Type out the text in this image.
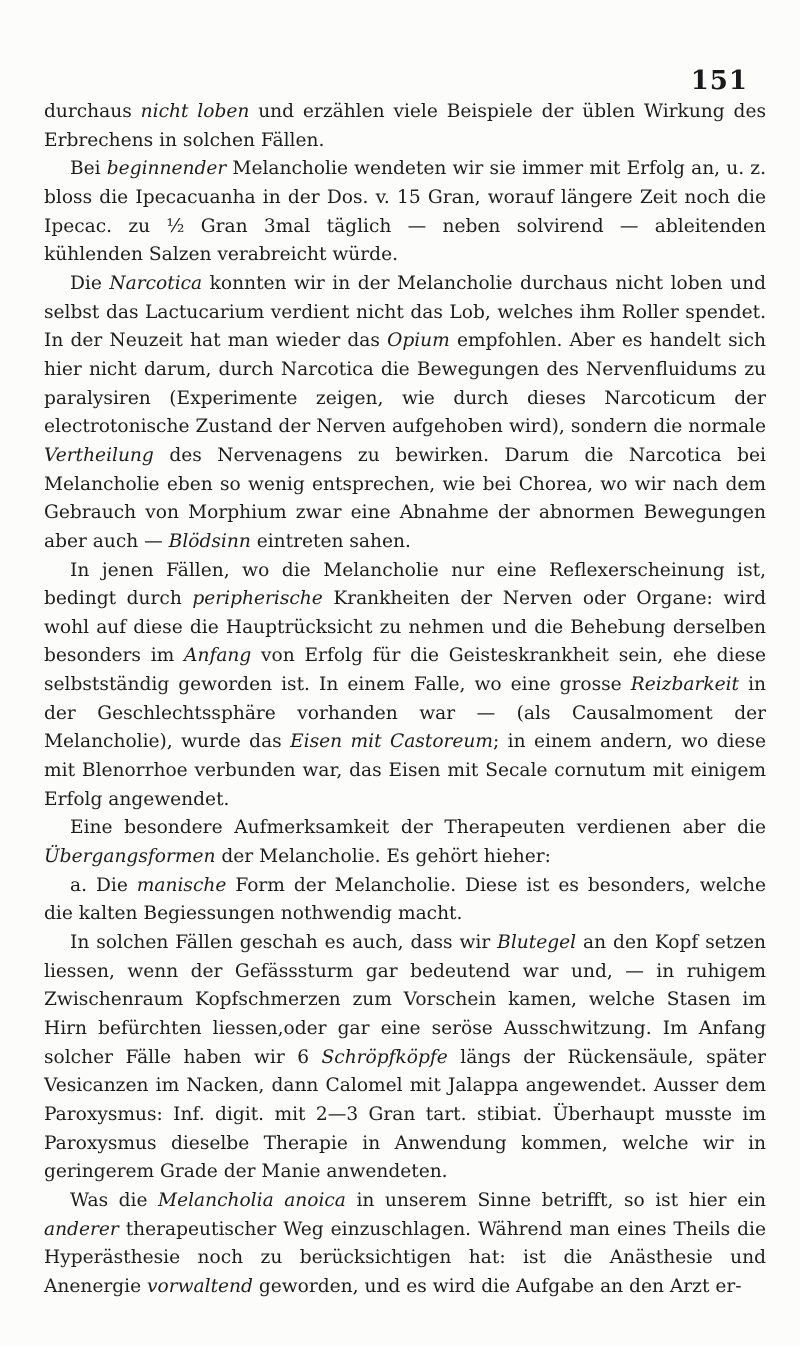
151

durchaus nicht loben und erzählen viele Beispiele der üblen Wirkung des Erbrechens in solchen Fällen.

Bei beginnender Melancholie wendeten wir sie immer mit Erfolg an, u. z. bloss die Ipecacuanha in der Dos. v. 15 Gran, worauf längere Zeit noch die Ipecac. zu ½ Gran 3mal täglich — neben solvirend — ableitenden kühlenden Salzen verabreicht würde.

Die Narcotica konnten wir in der Melancholie durchaus nicht loben und selbst das Lactucarium verdient nicht das Lob, welches ihm Roller spendet. In der Neuzeit hat man wieder das Opium empfohlen. Aber es handelt sich hier nicht darum, durch Narcotica die Bewegungen des Nervenfluidums zu paralysiren (Experimente zeigen, wie durch dieses Narcoticum der electrotonische Zustand der Nerven aufgehoben wird), sondern die normale Vertheilung des Nervenagens zu bewirken. Darum die Narcotica bei Melancholie eben so wenig entsprechen, wie bei Chorea, wo wir nach dem Gebrauch von Morphium zwar eine Abnahme der abnormen Bewegungen aber auch — Blödsinn eintreten sahen.

In jenen Fällen, wo die Melancholie nur eine Reflexerscheinung ist, bedingt durch peripherische Krankheiten der Nerven oder Organe: wird wohl auf diese die Hauptrücksicht zu nehmen und die Behebung derselben besonders im Anfang von Erfolg für die Geisteskrankheit sein, ehe diese selbstständig geworden ist. In einem Falle, wo eine grosse Reizbarkeit in der Geschlechtssphäre vorhanden war — (als Causalmoment der Melancholie), wurde das Eisen mit Castoreum; in einem andern, wo diese mit Blenorrhoe verbunden war, das Eisen mit Secale cornutum mit einigem Erfolg angewendet.

Eine besondere Aufmerksamkeit der Therapeuten verdienen aber die Übergangsformen der Melancholie. Es gehört hieher:

a. Die manische Form der Melancholie. Diese ist es besonders, welche die kalten Begiessungen nothwendig macht.

In solchen Fällen geschah es auch, dass wir Blutegel an den Kopf setzen liessen, wenn der Gefässsturm gar bedeutend war und, — in ruhigem Zwischenraum Kopfschmerzen zum Vorschein kamen, welche Stasen im Hirn befürchten liessen,oder gar eine seröse Ausschwitzung. Im Anfang solcher Fälle haben wir 6 Schröpfköpfe längs der Rückensäule, später Vesicanzen im Nacken, dann Calomel mit Jalappa angewendet. Ausser dem Paroxysmus: Inf. digit. mit 2—3 Gran tart. stibiat. Überhaupt musste im Paroxysmus dieselbe Therapie in Anwendung kommen, welche wir in geringerem Grade der Manie anwendeten.

Was die Melancholia anoica in unserem Sinne betrifft, so ist hier ein anderer therapeutischer Weg einzuschlagen. Während man eines Theils die Hyperästhesie noch zu berücksichtigen hat: ist die Anästhesie und Anenergie vorwaltend geworden, und es wird die Aufgabe an den Arzt er-
